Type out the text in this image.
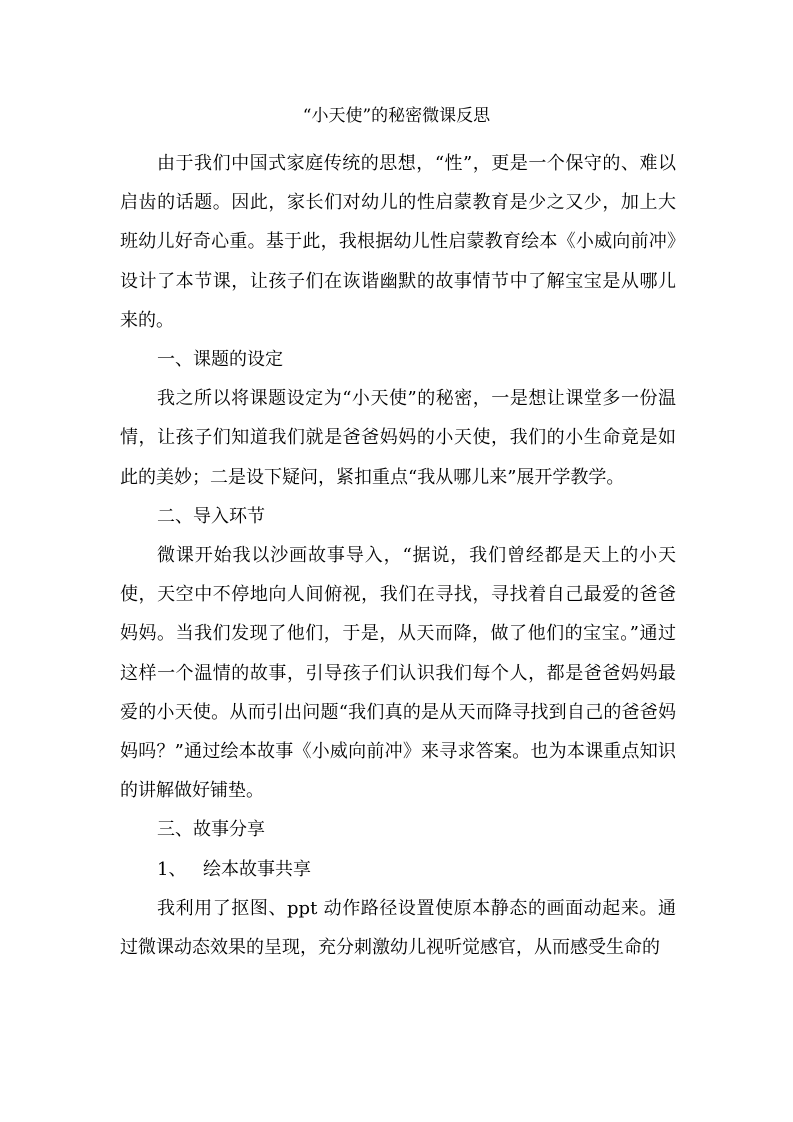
“小天使”的秘密微课反思

由于我们中国式家庭传统的思想，“性”，更是一个保守的、难以启齿的话题。因此，家长们对幼儿的性启蒙教育是少之又少，加上大班幼儿好奇心重。基于此，我根据幼儿性启蒙教育绘本《小威向前冲》设计了本节课，让孩子们在诙谐幽默的故事情节中了解宝宝是从哪儿来的。

一、课题的设定

我之所以将课题设定为“小天使”的秘密，一是想让课堂多一份温情，让孩子们知道我们就是爸爸妈妈的小天使，我们的小生命竟是如此的美妙；二是设下疑问，紧扣重点“我从哪儿来”展开学教学。

二、导入环节

微课开始我以沙画故事导入，“据说，我们曾经都是天上的小天使，天空中不停地向人间俯视，我们在寻找，寻找着自己最爱的爸爸妈妈。当我们发现了他们，于是，从天而降，做了他们的宝宝。”通过这样一个温情的故事，引导孩子们认识我们每个人，都是爸爸妈妈最爱的小天使。从而引出问题“我们真的是从天而降寻找到自己的爸爸妈妈吗？”通过绘本故事《小威向前冲》来寻求答案。也为本课重点知识的讲解做好铺垫。

三、故事分享

1、 绘本故事共享

我利用了抠图、ppt 动作路径设置使原本静态的画面动起来。通过微课动态效果的呈现，充分刺激幼儿视听觉感官，从而感受生命的
